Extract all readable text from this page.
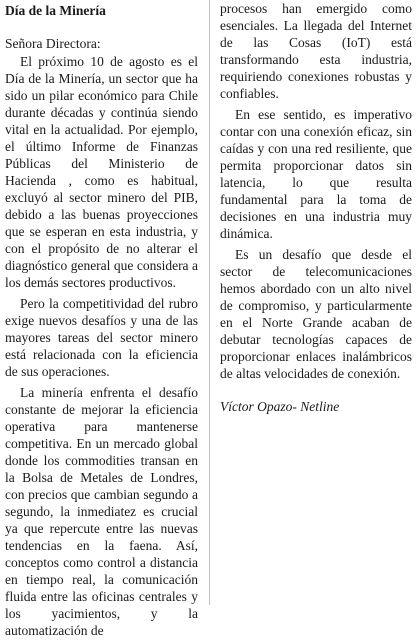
Día de la Minería
Señora Directora:

El próximo 10 de agosto es el Día de la Minería, un sector que ha sido un pilar económico para Chile durante décadas y continúa siendo vital en la actualidad. Por ejemplo, el último Informe de Finanzas Públicas del Ministerio de Hacienda , como es habitual, excluyó al sector minero del PIB, debido a las buenas proyecciones que se esperan en esta industria, y con el propósito de no alterar el diagnóstico general que considera a los demás sectores productivos.

Pero la competitividad del rubro exige nuevos desafíos y una de las mayores tareas del sector minero está relacionada con la eficiencia de sus operaciones.

La minería enfrenta el desafío constante de mejorar la eficiencia operativa para mantenerse competitiva. En un mercado global donde los commodities transan en la Bolsa de Metales de Londres, con precios que cambian segundo a segundo, la inmediatez es crucial ya que repercute entre las nuevas tendencias en la faena. Así, conceptos como control a distancia en tiempo real, la comunicación fluida entre las oficinas centrales y los yacimientos, y la automatización de

procesos han emergido como esenciales. La llegada del Internet de las Cosas (IoT) está transformando esta industria, requiriendo conexiones robustas y confiables.

En ese sentido, es imperativo contar con una conexión eficaz, sin caídas y con una red resiliente, que permita proporcionar datos sin latencia, lo que resulta fundamental para la toma de decisiones en una industria muy dinámica.

Es un desafío que desde el sector de telecomunicaciones hemos abordado con un alto nivel de compromiso, y particularmente en el Norte Grande acaban de debutar tecnologías capaces de proporcionar enlaces inalámbricos de altas velocidades de conexión.

Víctor Opazo- Netline
